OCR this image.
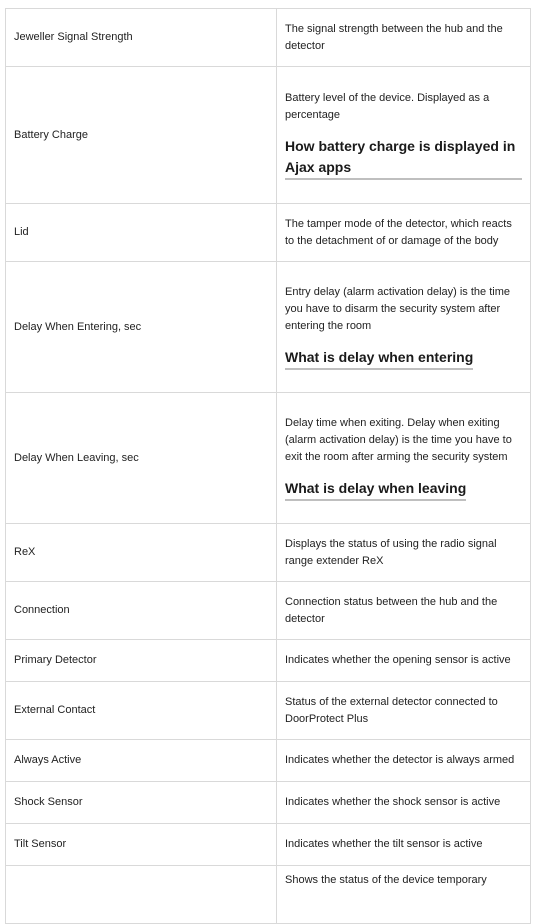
Jeweller Signal Strength	The signal strength between the hub and the detector

Battery Charge	Battery level of the device. Displayed as a percentage
How battery charge is displayed in Ajax apps
Lid	The tamper mode of the detector, which reacts to the detachment of or damage of the body

Delay When Entering, sec	Entry delay (alarm activation delay) is the time you have to disarm the security system after entering the room
What is delay when entering
Delay When Leaving, sec	Delay time when exiting. Delay when exiting (alarm activation delay) is the time you have to exit the room after arming the security system
What is delay when leaving
ReX	Displays the status of using the radio signal range extender ReX

Connection	Connection status between the hub and the detector

Primary Detector	Indicates whether the opening sensor is active

External Contact	Status of the external detector connected to DoorProtect Plus

Always Active	Indicates whether the detector is always armed

Shock Sensor	Indicates whether the shock sensor is active

Tilt Sensor	Indicates whether the tilt sensor is active

	Shows the status of the device temporary
